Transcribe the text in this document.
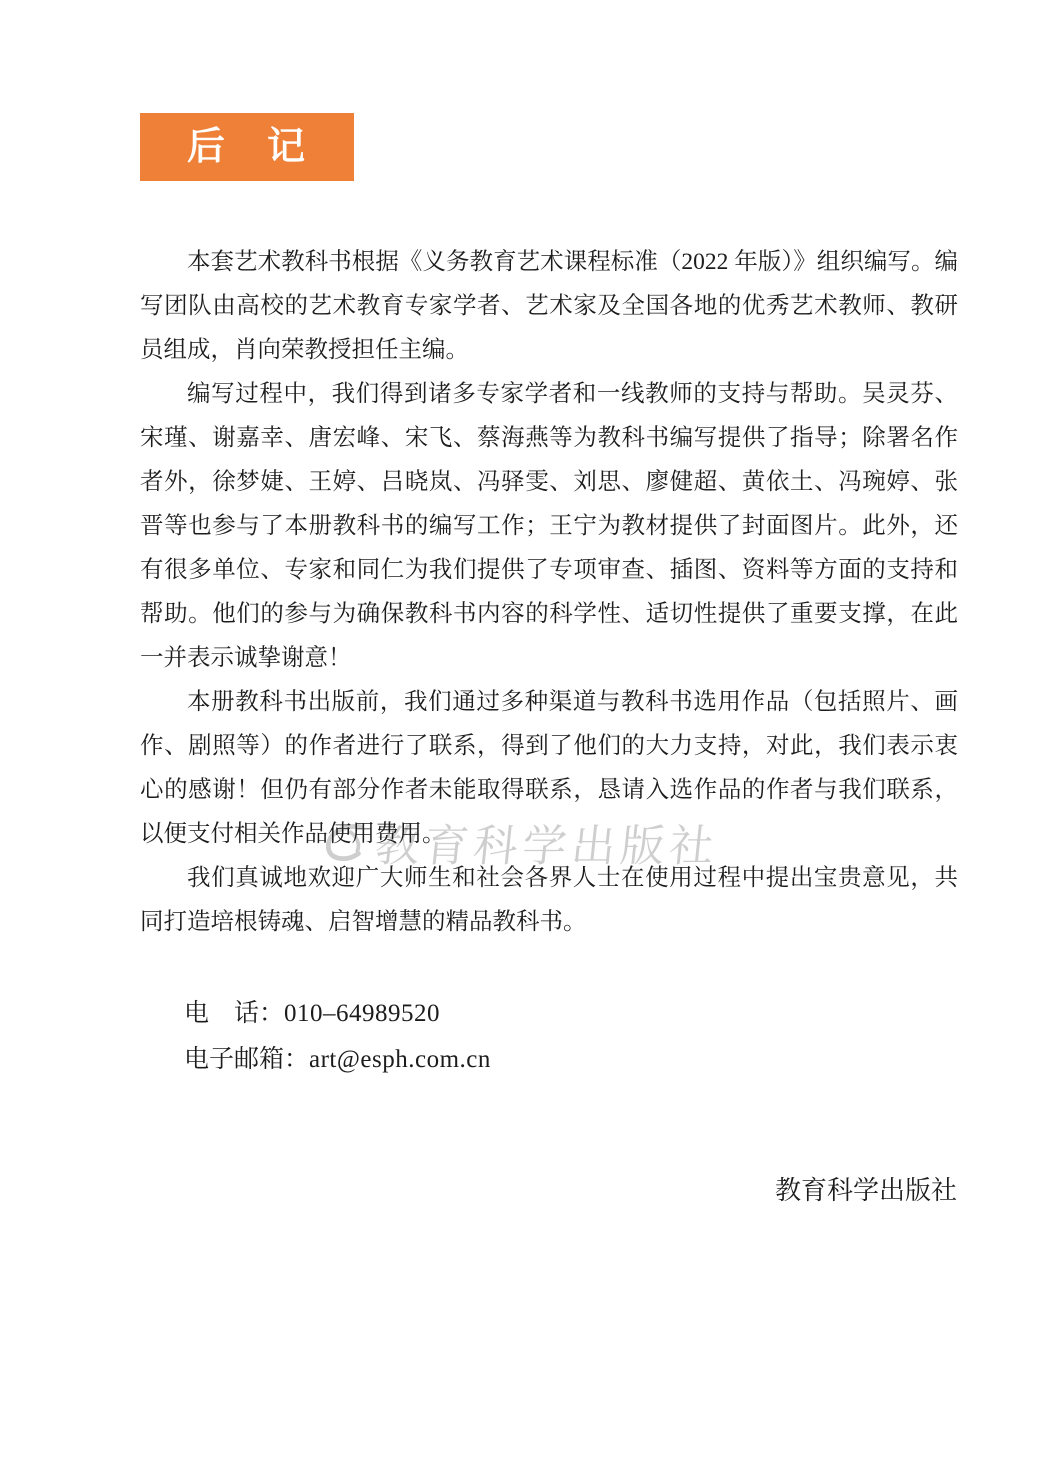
教育科学出版社
后　记

本套艺术教科书根据《义务教育艺术课程标准（2022 年版）》组织编写。编写团队由高校的艺术教育专家学者、艺术家及全国各地的优秀艺术教师、教研员组成，肖向荣教授担任主编。

编写过程中，我们得到诸多专家学者和一线教师的支持与帮助。吴灵芬、宋瑾、谢嘉幸、唐宏峰、宋飞、蔡海燕等为教科书编写提供了指导；除署名作者外，徐梦婕、王婷、吕晓岚、冯驿雯、刘思、廖健超、黄依土、冯琬婷、张晋等也参与了本册教科书的编写工作；王宁为教材提供了封面图片。此外，还有很多单位、专家和同仁为我们提供了专项审查、插图、资料等方面的支持和帮助。他们的参与为确保教科书内容的科学性、适切性提供了重要支撑，在此一并表示诚挚谢意！

本册教科书出版前，我们通过多种渠道与教科书选用作品（包括照片、画作、剧照等）的作者进行了联系，得到了他们的大力支持，对此，我们表示衷心的感谢！但仍有部分作者未能取得联系，恳请入选作品的作者与我们联系，以便支付相关作品使用费用。

我们真诚地欢迎广大师生和社会各界人士在使用过程中提出宝贵意见，共同打造培根铸魂、启智增慧的精品教科书。

电　话：010–64989520
电子邮箱：art@esph.com.cn
教育科学出版社
